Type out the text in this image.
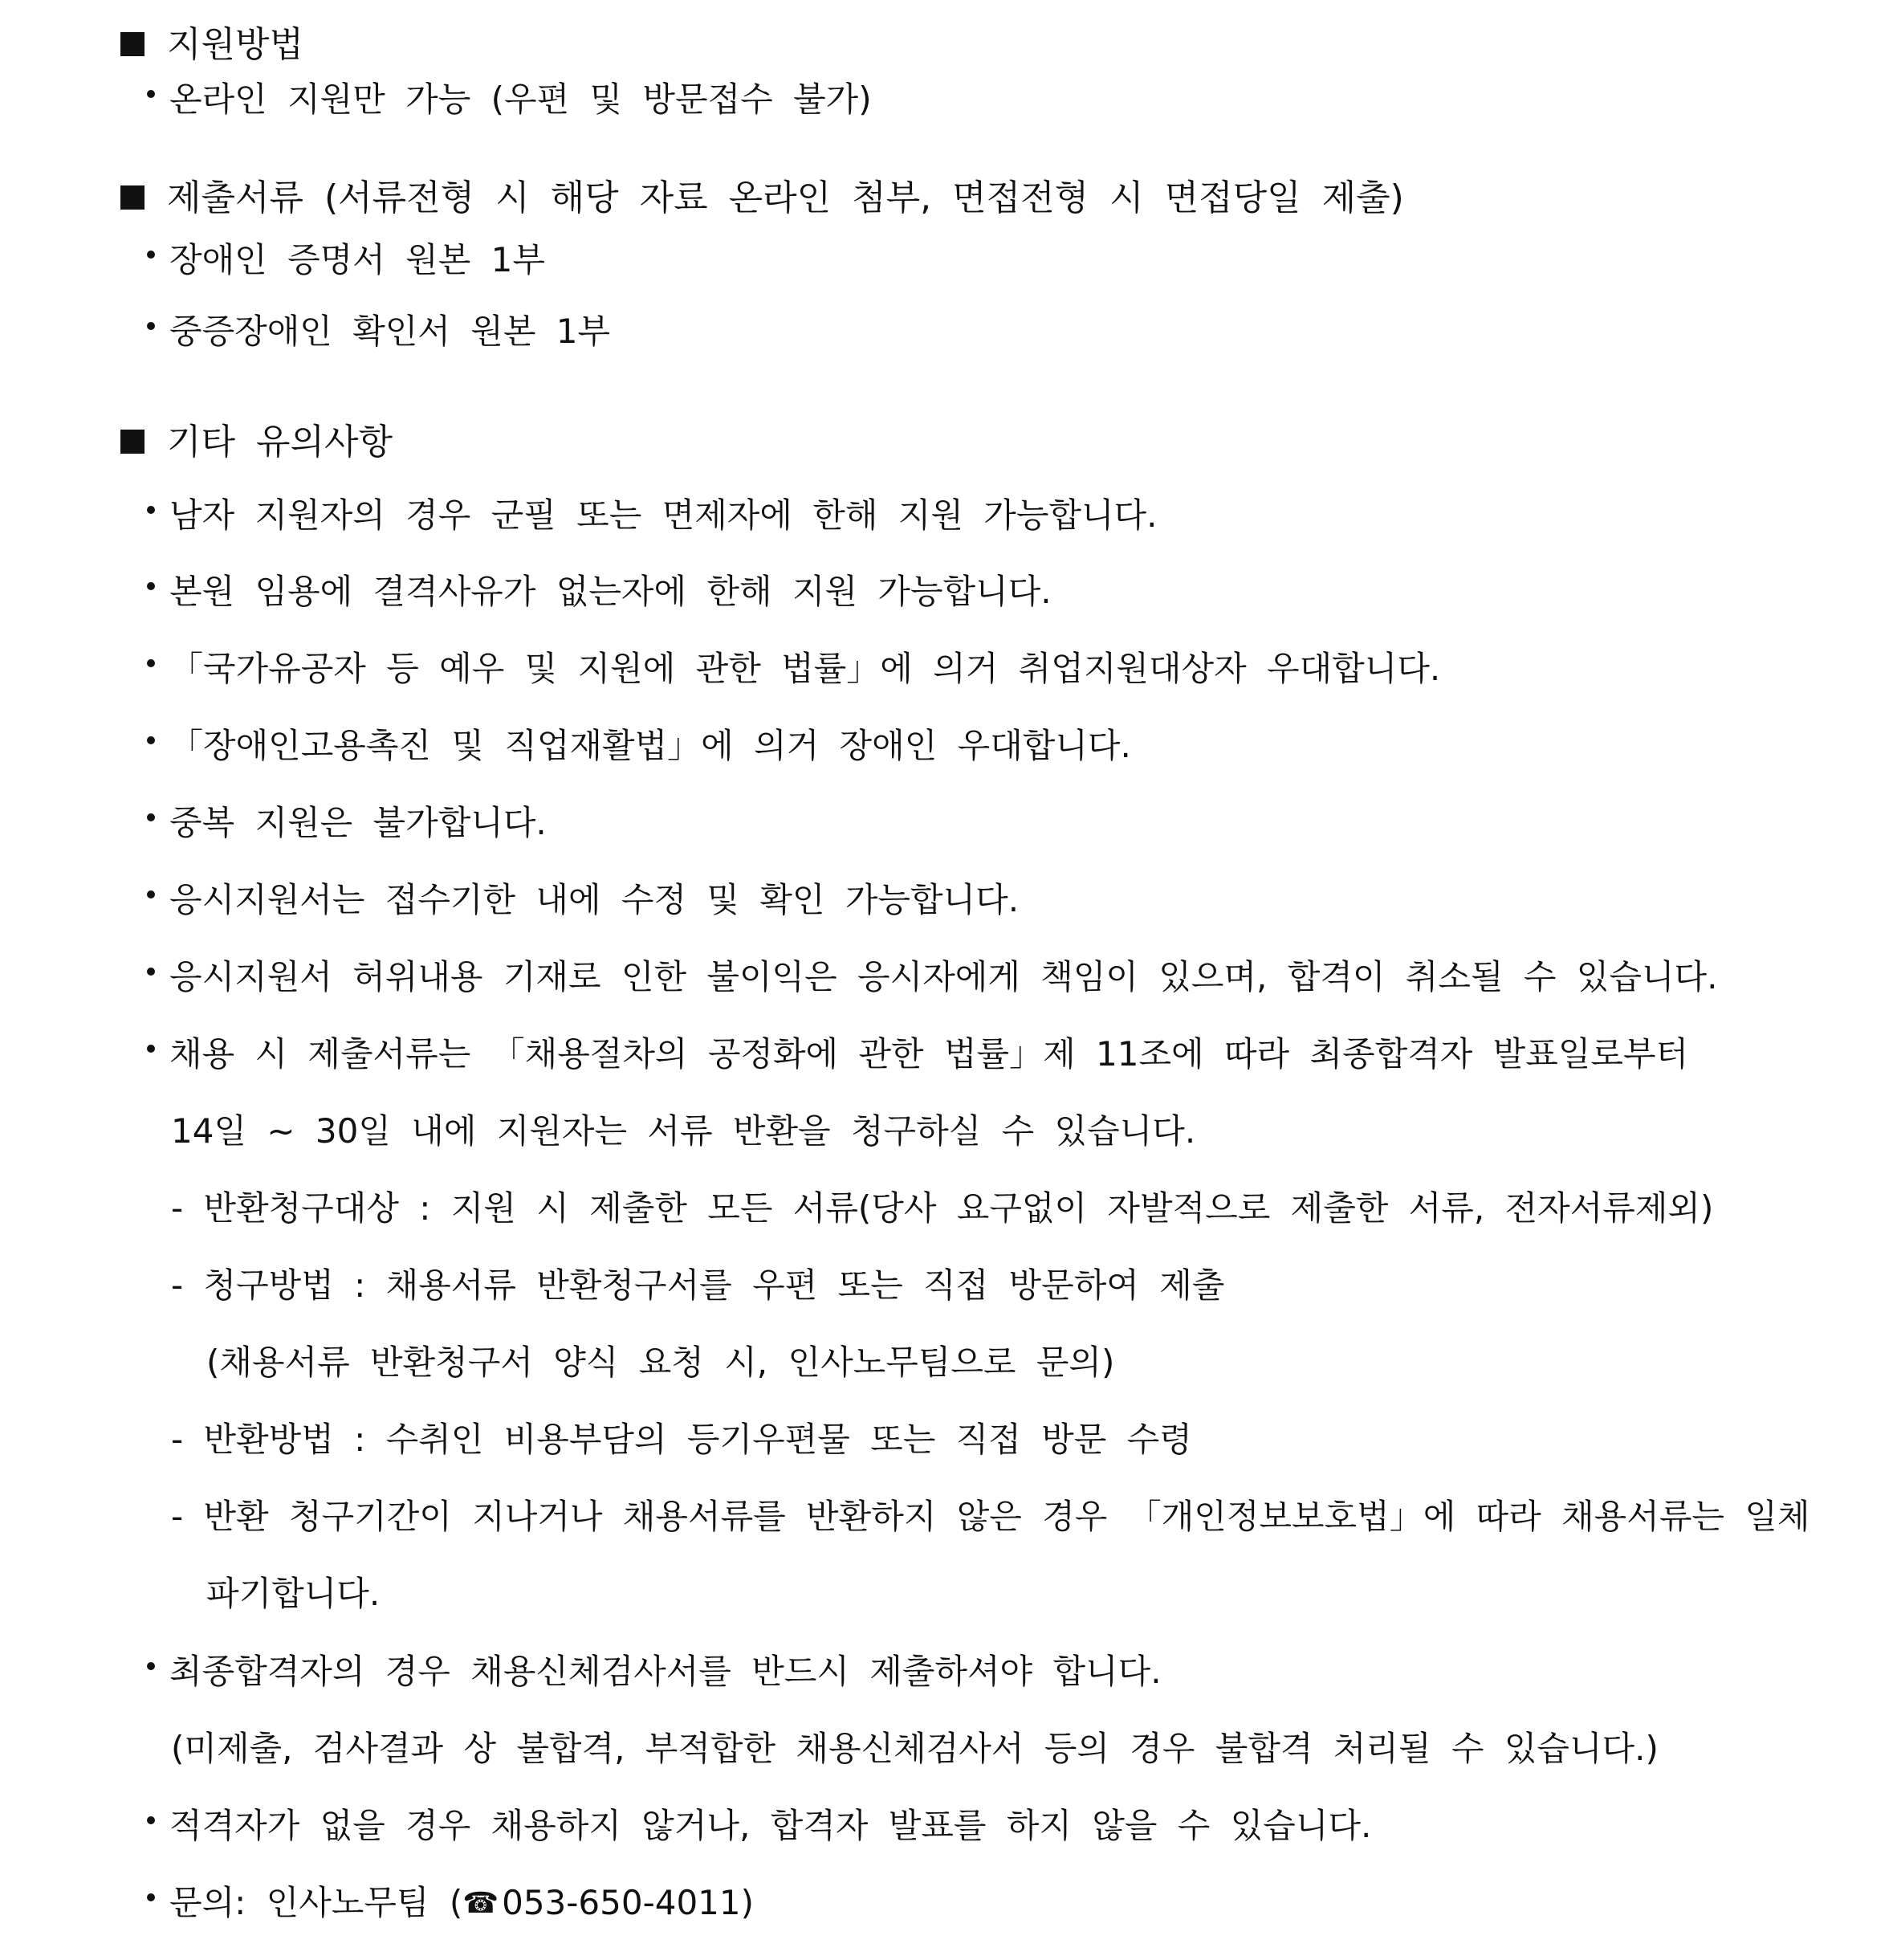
지원방법
온라인 지원만 가능 (우편 및 방문접수 불가)
제출서류 (서류전형 시 해당 자료 온라인 첨부, 면접전형 시 면접당일 제출)
장애인 증명서 원본 1부
중증장애인 확인서 원본 1부
기타 유의사항
남자 지원자의 경우 군필 또는 면제자에 한해 지원 가능합니다.
본원 임용에 결격사유가 없는자에 한해 지원 가능합니다.
「국가유공자 등 예우 및 지원에 관한 법률」에 의거 취업지원대상자 우대합니다.
「장애인고용촉진 및 직업재활법」에 의거 장애인 우대합니다.
중복 지원은 불가합니다.
응시지원서는 접수기한 내에 수정 및 확인 가능합니다.
응시지원서 허위내용 기재로 인한 불이익은 응시자에게 책임이 있으며, 합격이 취소될 수 있습니다.
채용 시 제출서류는 「채용절차의 공정화에 관한 법률」제 11조에 따라 최종합격자 발표일로부터
14일 ~ 30일 내에 지원자는 서류 반환을 청구하실 수 있습니다.
- 반환청구대상 : 지원 시 제출한 모든 서류(당사 요구없이 자발적으로 제출한 서류, 전자서류제외)
- 청구방법 : 채용서류 반환청구서를 우편 또는 직접 방문하여 제출
(채용서류 반환청구서 양식 요청 시, 인사노무팀으로 문의)
- 반환방법 : 수취인 비용부담의 등기우편물 또는 직접 방문 수령
- 반환 청구기간이 지나거나 채용서류를 반환하지 않은 경우 「개인정보보호법」에 따라 채용서류는 일체
파기합니다.
최종합격자의 경우 채용신체검사서를 반드시 제출하셔야 합니다.
(미제출, 검사결과 상 불합격, 부적합한 채용신체검사서 등의 경우 불합격 처리될 수 있습니다.)
적격자가 없을 경우 채용하지 않거나, 합격자 발표를 하지 않을 수 있습니다.
문의: 인사노무팀 (☎053-650-4011)
